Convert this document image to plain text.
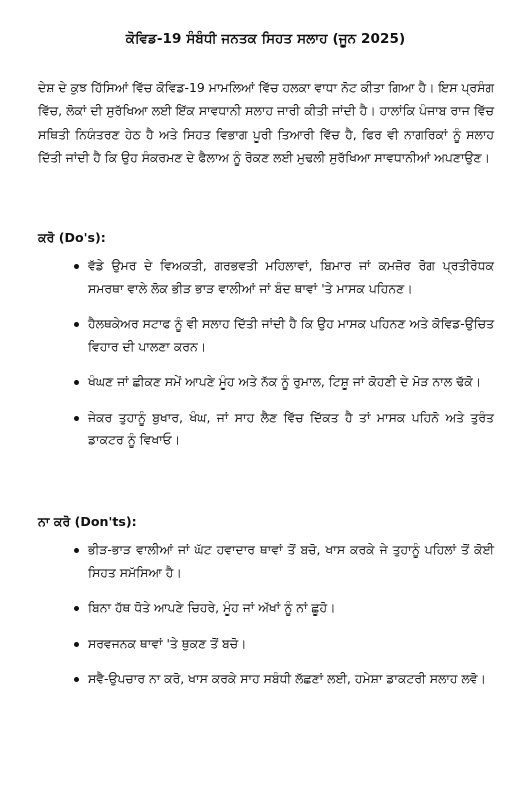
ਕੋਵਿਡ-19 ਸੰਬੰਧੀ ਜਨਤਕ ਸਿਹਤ ਸਲਾਹ (ਜੂਨ 2025)

ਦੇਸ਼ ਦੇ ਕੁਝ ਹਿੱਸਿਆਂ ਵਿੱਚ ਕੋਵਿਡ-19 ਮਾਮਲਿਆਂ ਵਿੱਚ ਹਲਕਾ ਵਾਧਾ ਨੋਟ ਕੀਤਾ ਗਿਆ ਹੈ। ਇਸ ਪ੍ਰਸੰਗ ਵਿੱਚ, ਲੋਕਾਂ ਦੀ ਸੁਰੱਖਿਆ ਲਈ ਇੱਕ ਸਾਵਧਾਨੀ ਸਲਾਹ ਜਾਰੀ ਕੀਤੀ ਜਾਂਦੀ ਹੈ। ਹਾਲਾਂਕਿ ਪੰਜਾਬ ਰਾਜ ਵਿੱਚ ਸਥਿਤੀ ਨਿਯੰਤਰਣ ਹੇਠ ਹੈ ਅਤੇ ਸਿਹਤ ਵਿਭਾਗ ਪੂਰੀ ਤਿਆਰੀ ਵਿੱਚ ਹੈ, ਫਿਰ ਵੀ ਨਾਗਰਿਕਾਂ ਨੂੰ ਸਲਾਹ ਦਿੱਤੀ ਜਾਂਦੀ ਹੈ ਕਿ ਉਹ ਸੰਕਰਮਣ ਦੇ ਫੈਲਾਅ ਨੂੰ ਰੋਕਣ ਲਈ ਮੁਢਲੀ ਸੁਰੱਖਿਆ ਸਾਵਧਾਨੀਆਂ ਅਪਣਾਉਣ।

ਕਰੋ (Do's):
ਵੱਡੇ ਉਮਰ ਦੇ ਵਿਅਕਤੀ, ਗਰਭਵਤੀ ਮਹਿਲਾਵਾਂ, ਬਿਮਾਰ ਜਾਂ ਕਮਜ਼ੋਰ ਰੋਗ ਪ੍ਰਤੀਰੋਧਕ ਸਮਰਥਾ ਵਾਲੇ ਲੋਕ ਭੀੜ ਭਾੜ ਵਾਲੀਆਂ ਜਾਂ ਬੰਦ ਥਾਵਾਂ 'ਤੇ ਮਾਸਕ ਪਹਿਨਣ।
ਹੈਲਥਕੇਅਰ ਸਟਾਫ ਨੂੰ ਵੀ ਸਲਾਹ ਦਿੱਤੀ ਜਾਂਦੀ ਹੈ ਕਿ ਉਹ ਮਾਸਕ ਪਹਿਨਣ ਅਤੇ ਕੋਵਿਡ-ਉਚਿਤ ਵਿਹਾਰ ਦੀ ਪਾਲਣਾ ਕਰਨ।
ਖੰਘਣ ਜਾਂ ਛੀਕਣ ਸਮੇਂ ਆਪਣੇ ਮੂੰਹ ਅਤੇ ਨੱਕ ਨੂੰ ਰੁਮਾਲ, ਟਿਸ਼ੂ ਜਾਂ ਕੋਹਣੀ ਦੇ ਮੋੜ ਨਾਲ ਢੱਕੋ।
ਜੇਕਰ ਤੁਹਾਨੂੰ ਬੁਖਾਰ, ਖੰਘ, ਜਾਂ ਸਾਹ ਲੈਣ ਵਿੱਚ ਦਿੱਕਤ ਹੈ ਤਾਂ ਮਾਸਕ ਪਹਿਨੋ ਅਤੇ ਤੁਰੰਤ ਡਾਕਟਰ ਨੂੰ ਵਿਖਾਓ।
ਨਾ ਕਰੋ (Don'ts):
ਭੀੜ-ਭਾੜ ਵਾਲੀਆਂ ਜਾਂ ਘੱਟ ਹਵਾਦਾਰ ਥਾਵਾਂ ਤੋਂ ਬਚੋ, ਖਾਸ ਕਰਕੇ ਜੇ ਤੁਹਾਨੂੰ ਪਹਿਲਾਂ ਤੋਂ ਕੋਈ ਸਿਹਤ ਸਮੱਸਿਆ ਹੈ।
ਬਿਨਾ ਹੱਥ ਧੋਤੇ ਆਪਣੇ ਚਿਹਰੇ, ਮੂੰਹ ਜਾਂ ਅੱਖਾਂ ਨੂੰ ਨਾਂ ਛੂਹੋ।
ਸਰਵਜਨਕ ਥਾਵਾਂ 'ਤੇ ਥੁਕਣ ਤੋਂ ਬਚੋ।
ਸਵੈ-ਉਪਚਾਰ ਨਾ ਕਰੋ, ਖਾਸ ਕਰਕੇ ਸਾਹ ਸਬੰਧੀ ਲੱਛਣਾਂ ਲਈ, ਹਮੇਸ਼ਾ ਡਾਕਟਰੀ ਸਲਾਹ ਲਵੋ।
